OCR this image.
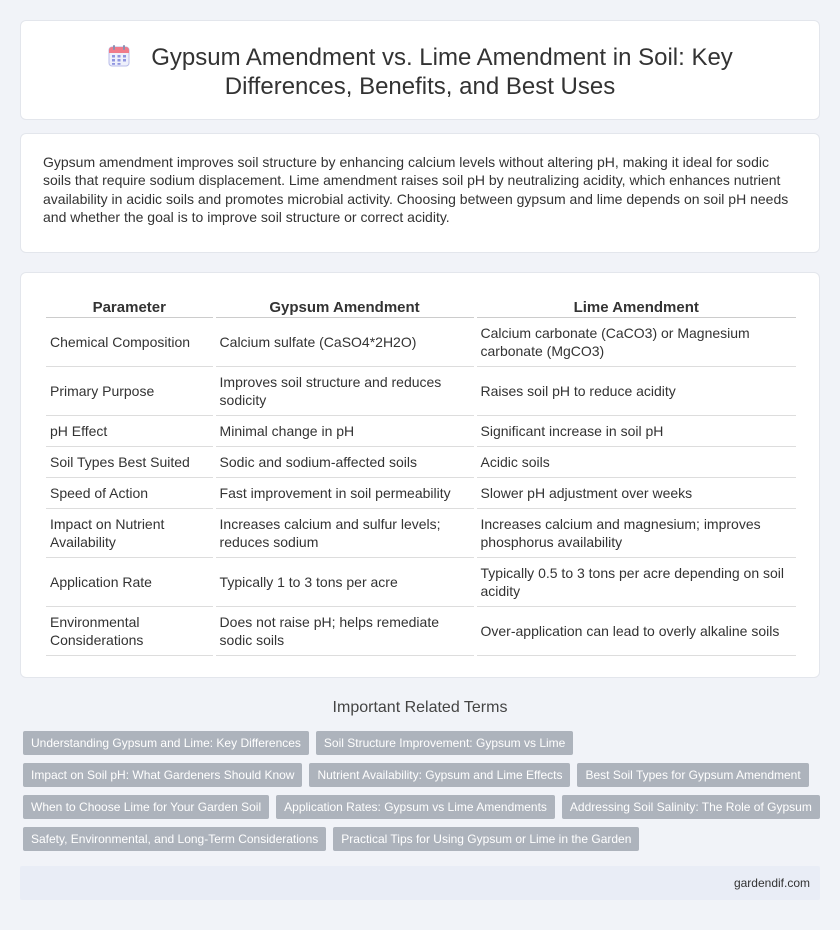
Gypsum Amendment vs. Lime Amendment in Soil: Key Differences, Benefits, and Best Uses

Gypsum amendment improves soil structure by enhancing calcium levels without altering pH, making it ideal for sodic soils that require sodium displacement. Lime amendment raises soil pH by neutralizing acidity, which enhances nutrient availability in acidic soils and promotes microbial activity. Choosing between gypsum and lime depends on soil pH needs and whether the goal is to improve soil structure or correct acidity.

Parameter	Gypsum Amendment	Lime Amendment
Chemical Composition	Calcium sulfate (CaSO4*2H2O)	Calcium carbonate (CaCO3) or Magnesium carbonate (MgCO3)
Primary Purpose	Improves soil structure and reduces sodicity	Raises soil pH to reduce acidity
pH Effect	Minimal change in pH	Significant increase in soil pH
Soil Types Best Suited	Sodic and sodium-affected soils	Acidic soils
Speed of Action	Fast improvement in soil permeability	Slower pH adjustment over weeks
Impact on Nutrient Availability	Increases calcium and sulfur levels; reduces sodium	Increases calcium and magnesium; improves phosphorus availability
Application Rate	Typically 1 to 3 tons per acre	Typically 0.5 to 3 tons per acre depending on soil acidity
Environmental Considerations	Does not raise pH; helps remediate sodic soils	Over-application can lead to overly alkaline soils
Important Related Terms
Understanding Gypsum and Lime: Key Differences Soil Structure Improvement: Gypsum vs Lime
Impact on Soil pH: What Gardeners Should Know Nutrient Availability: Gypsum and Lime Effects Best Soil Types for Gypsum Amendment
When to Choose Lime for Your Garden Soil Application Rates: Gypsum vs Lime Amendments Addressing Soil Salinity: The Role of Gypsum
Safety, Environmental, and Long-Term Considerations Practical Tips for Using Gypsum or Lime in the Garden
gardendif.com
